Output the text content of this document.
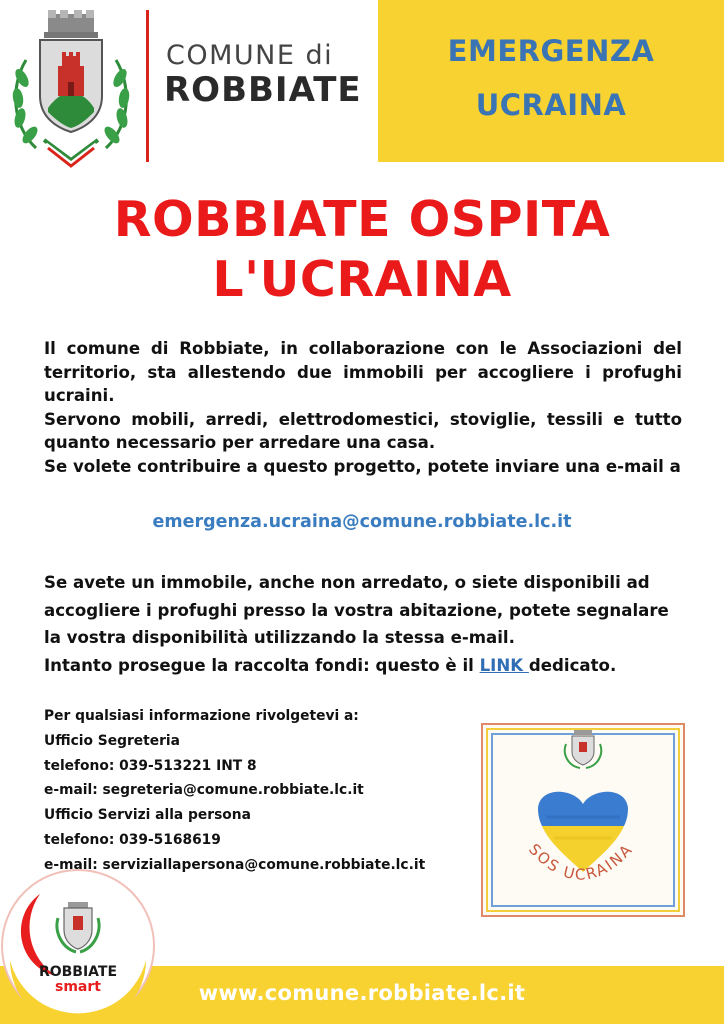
COMUNE di
ROBBIATE
EMERGENZA
UCRAINA
ROBBIATE OSPITA
L'UCRAINA

Il comune di Robbiate, in collaborazione con le Associazioni del territorio, sta allestendo due immobili per accogliere i profughi ucraini.

Servono mobili, arredi, elettrodomestici, stoviglie, tessili e tutto quanto necessario per arredare una casa.

Se volete contribuire a questo progetto, potete inviare una e-mail a

emergenza.ucraina@comune.robbiate.lc.it

Se avete un immobile, anche non arredato, o siete disponibili ad accogliere i profughi presso la vostra abitazione, potete segnalare la vostra disponibilità utilizzando la stessa e-mail.

Intanto prosegue la raccolta fondi: questo è il LINK dedicato.

Per qualsiasi informazione rivolgetevi a:
Ufficio Segreteria
telefono: 039-513221 INT 8
e-mail: segreteria@comune.robbiate.lc.it
Ufficio Servizi alla persona
telefono: 039-5168619
e-mail: serviziallapersona@comune.robbiate.lc.it
SOS UCRAINA
www.comune.robbiate.lc.it
ROBBIATE
smart
